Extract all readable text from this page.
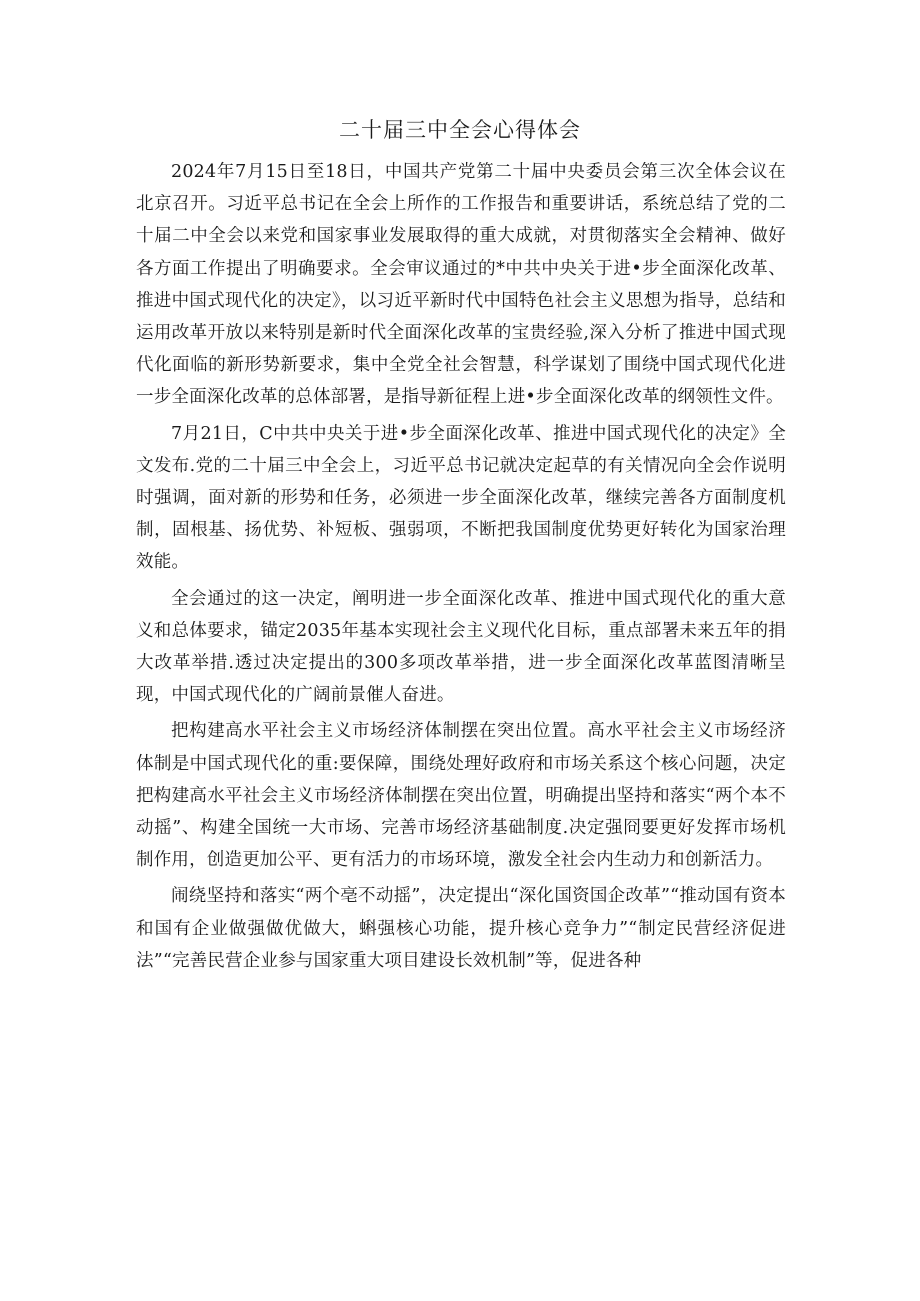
二十届三中全会心得体会

2024年7月15日至18日，中国共产党第二十届中央委员会第三次全体会议在北京召开。习近平总书记在全会上所作的工作报告和重要讲话，系统总结了党的二十届二中全会以来党和国家事业发展取得的重大成就，对贯彻落实全会精神、做好各方面工作提出了明确要求。全会审议通过的*中共中央关于进•步全面深化改革、推进中国式现代化的决定》，以习近平新时代中国特色社会主义思想为指导，总结和运用改革开放以来特别是新时代全面深化改革的宝贵经验,深入分析了推进中国式现代化面临的新形势新要求，集中全党全社会智慧，科学谋划了围绕中国式现代化进一步全面深化改革的总体部署，是指导新征程上进•步全面深化改革的纲领性文件。

7月21日，C中共中央关于进•步全面深化改革、推进中国式现代化的决定》全文发布.党的二十届三中全会上，习近平总书记就决定起草的有关情况向全会作说明时强调，面对新的形势和任务，必须进一步全面深化改革，继续完善各方面制度机制，固根基、扬优势、补短板、强弱项，不断把我国制度优势更好转化为国家治理效能。

全会通过的这一决定，阐明进一步全面深化改革、推进中国式现代化的重大意义和总体要求，锚定2035年基本实现社会主义现代化目标，重点部署未来五年的捐大改革举措.透过决定提出的300多项改革举措，进一步全面深化改革蓝图清晰呈现，中国式现代化的广阔前景催人奋进。

把构建高水平社会主义市场经济体制摆在突出位置。高水平社会主义市场经济体制是中国式现代化的重:要保障，围绕处理好政府和市场关系这个核心问题，决定把构建高水平社会主义市场经济体制摆在突出位置，明确提出坚持和落实“两个本不动摇”、构建全国统一大市场、完善市场经济基础制度.决定强冏要更好发挥市场机制作用，创造更加公平、更有活力的市场环境，激发全社会内生动力和创新活力。

闹绕坚持和落实“两个亳不动摇”，决定提出“深化国资国企改革”“推动国有资本和国有企业做强做优做大，蝌强核心功能，提升核心竞争力”“制定民营经济促进法”“完善民营企业参与国家重大项目建设长效机制”等，促进各种
